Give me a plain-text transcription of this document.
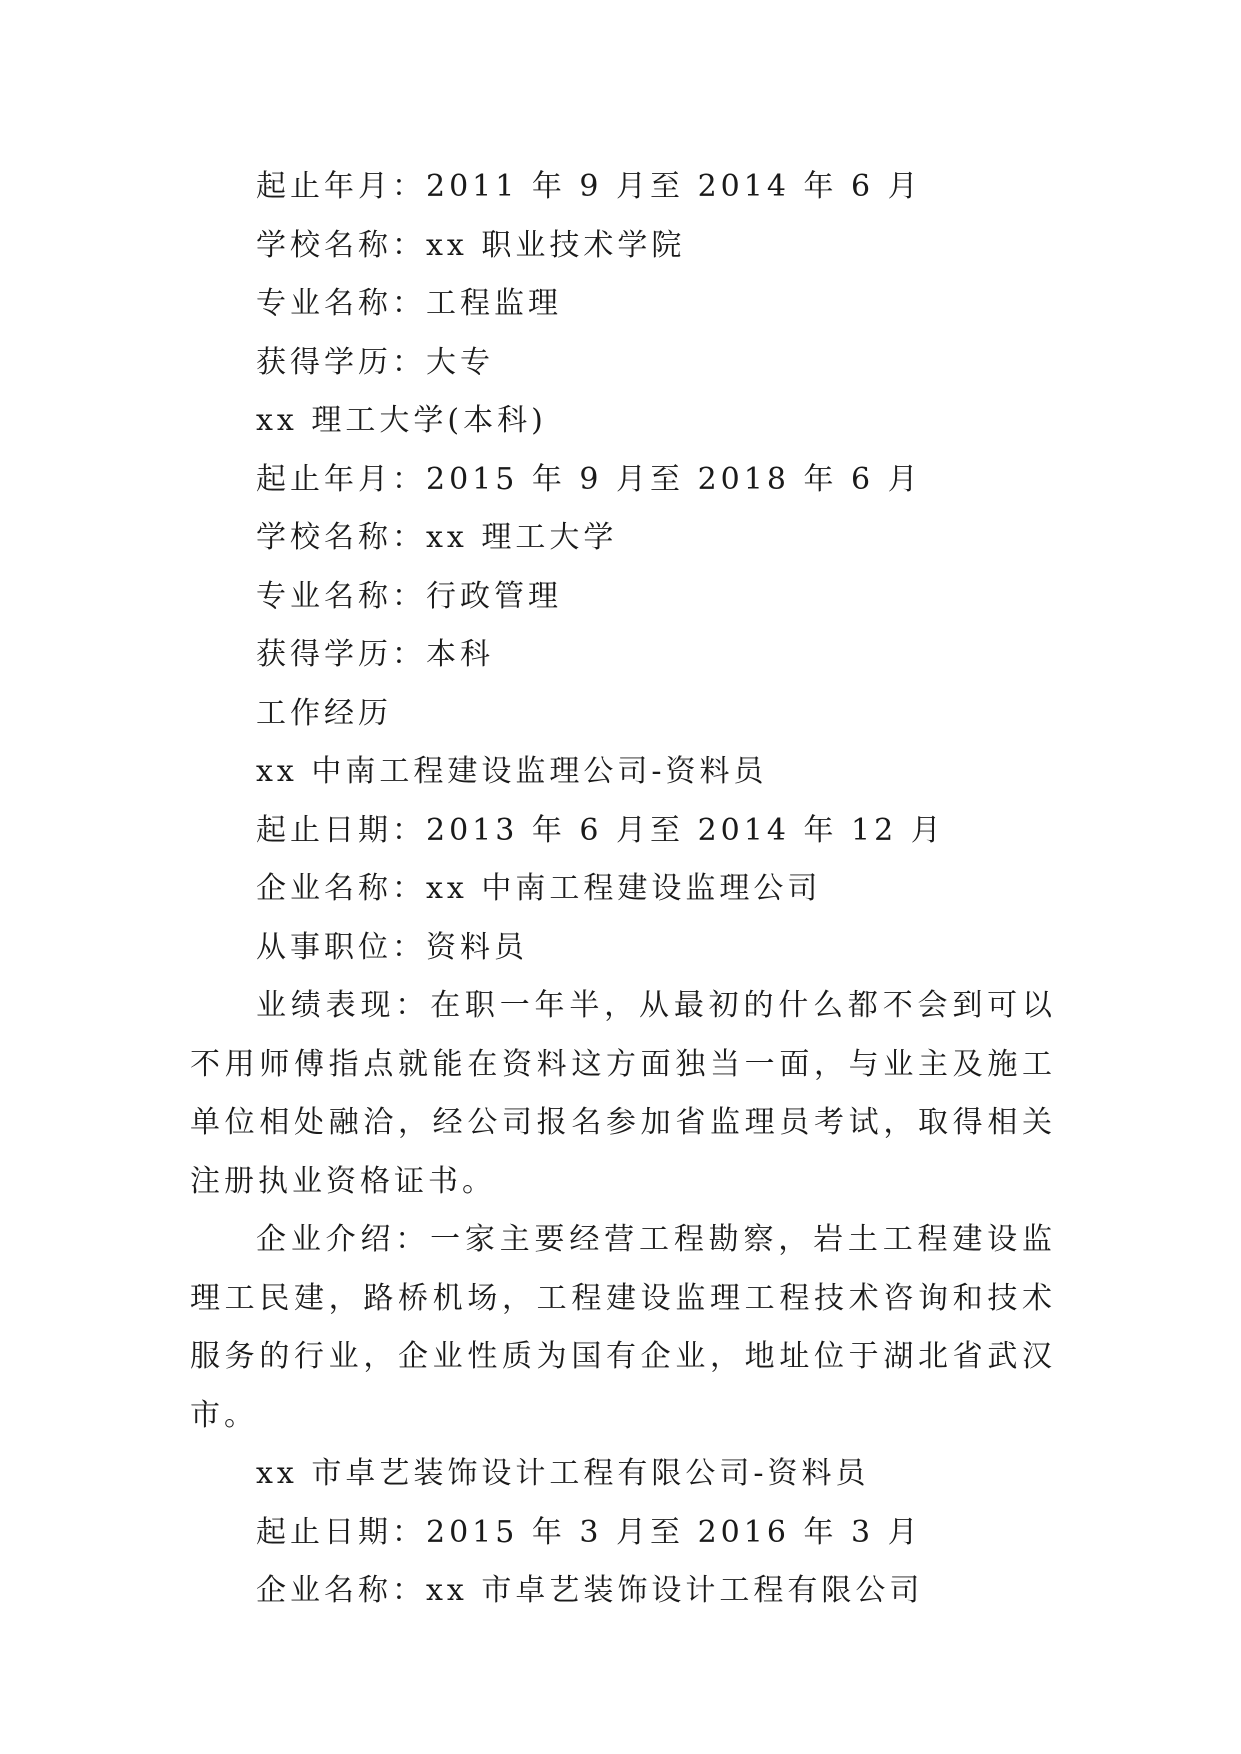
起止年月：2011 年 9 月至 2014 年 6 月

学校名称：xx 职业技术学院

专业名称：工程监理

获得学历：大专

xx 理工大学(本科)

起止年月：2015 年 9 月至 2018 年 6 月

学校名称：xx 理工大学

专业名称：行政管理

获得学历：本科

工作经历

xx 中南工程建设监理公司-资料员

起止日期：2013 年 6 月至 2014 年 12 月

企业名称：xx 中南工程建设监理公司

从事职位：资料员

业绩表现：在职一年半，从最初的什么都不会到可以不用师傅指点就能在资料这方面独当一面，与业主及施工单位相处融洽，经公司报名参加省监理员考试，取得相关注册执业资格证书。

企业介绍：一家主要经营工程勘察，岩土工程建设监理工民建，路桥机场，工程建设监理工程技术咨询和技术服务的行业，企业性质为国有企业，地址位于湖北省武汉市。

xx 市卓艺装饰设计工程有限公司-资料员

起止日期：2015 年 3 月至 2016 年 3 月

企业名称：xx 市卓艺装饰设计工程有限公司
